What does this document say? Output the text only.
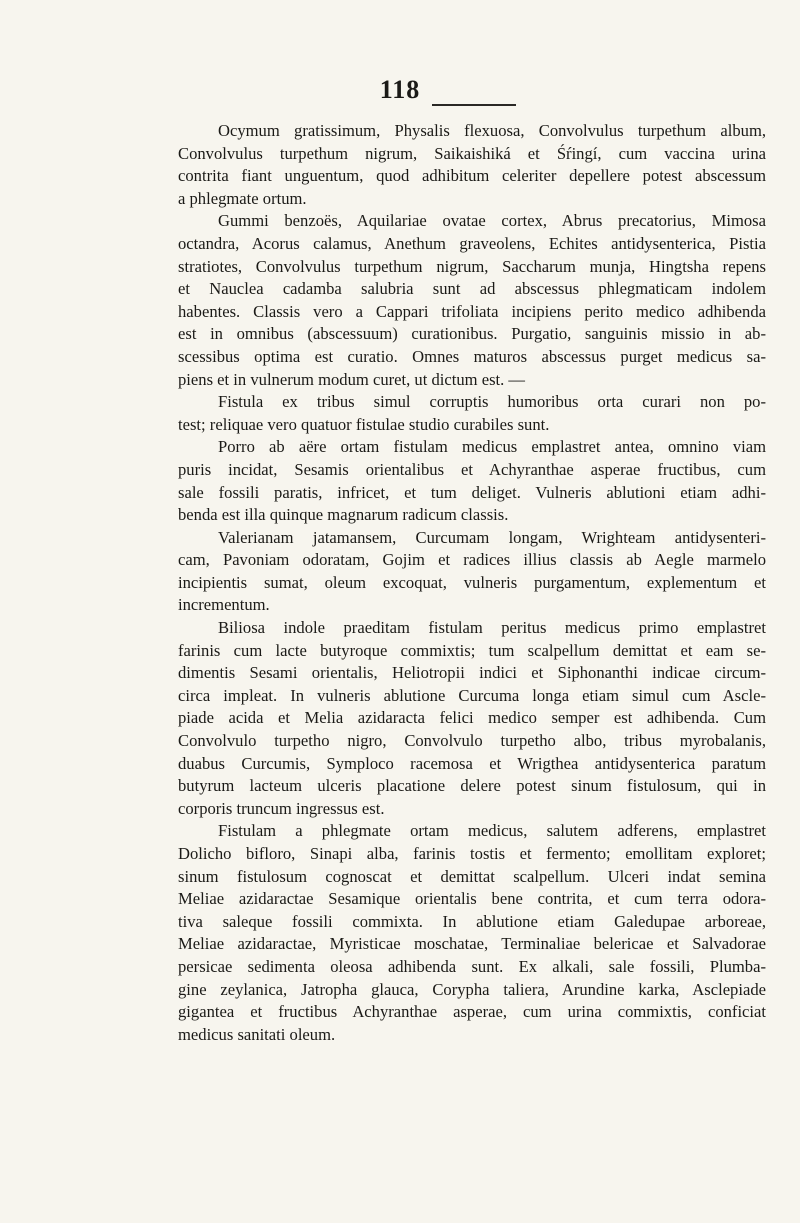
118
Ocymum gratissimum, Physalis flexuosa, Convolvulus turpethum album,
Convolvulus turpethum nigrum, Saikaishiká et Śŕingí, cum vaccina urina
contrita fiant unguentum, quod adhibitum celeriter depellere potest abscessum
a phlegmate ortum.
Gummi benzoës, Aquilariae ovatae cortex, Abrus precatorius, Mimosa
octandra, Acorus calamus, Anethum graveolens, Echites antidysenterica, Pistia
stratiotes, Convolvulus turpethum nigrum, Saccharum munja, Hingtsha repens
et Nauclea cadamba salubria sunt ad abscessus phlegmaticam indolem
habentes. Classis vero a Cappari trifoliata incipiens perito medico adhibenda
est in omnibus (abscessuum) curationibus. Purgatio, sanguinis missio in ab-
scessibus optima est curatio. Omnes maturos abscessus purget medicus sa-
piens et in vulnerum modum curet, ut dictum est. —
Fistula ex tribus simul corruptis humoribus orta curari non po-
test; reliquae vero quatuor fistulae studio curabiles sunt.
Porro ab aëre ortam fistulam medicus emplastret antea, omnino viam
puris incidat, Sesamis orientalibus et Achyranthae asperae fructibus, cum
sale fossili paratis, infricet, et tum deliget. Vulneris ablutioni etiam adhi-
benda est illa quinque magnarum radicum classis.
Valerianam jatamansem, Curcumam longam, Wrighteam antidysenteri-
cam, Pavoniam odoratam, Gojim et radices illius classis ab Aegle marmelo
incipientis sumat, oleum excoquat, vulneris purgamentum, explementum et
incrementum.
Biliosa indole praeditam fistulam peritus medicus primo emplastret
farinis cum lacte butyroque commixtis; tum scalpellum demittat et eam se-
dimentis Sesami orientalis, Heliotropii indici et Siphonanthi indicae circum-
circa impleat. In vulneris ablutione Curcuma longa etiam simul cum Ascle-
piade acida et Melia azidaracta felici medico semper est adhibenda. Cum
Convolvulo turpetho nigro, Convolvulo turpetho albo, tribus myrobalanis,
duabus Curcumis, Symploco racemosa et Wrigthea antidysenterica paratum
butyrum lacteum ulceris placatione delere potest sinum fistulosum, qui in
corporis truncum ingressus est.
Fistulam a phlegmate ortam medicus, salutem adferens, emplastret
Dolicho bifloro, Sinapi alba, farinis tostis et fermento; emollitam exploret;
sinum fistulosum cognoscat et demittat scalpellum. Ulceri indat semina
Meliae azidaractae Sesamique orientalis bene contrita, et cum terra odora-
tiva saleque fossili commixta. In ablutione etiam Galedupae arboreae,
Meliae azidaractae, Myristicae moschatae, Terminaliae belericae et Salvadorae
persicae sedimenta oleosa adhibenda sunt. Ex alkali, sale fossili, Plumba-
gine zeylanica, Jatropha glauca, Corypha taliera, Arundine karka, Asclepiade
gigantea et fructibus Achyranthae asperae, cum urina commixtis, conficiat
medicus sanitati oleum.
